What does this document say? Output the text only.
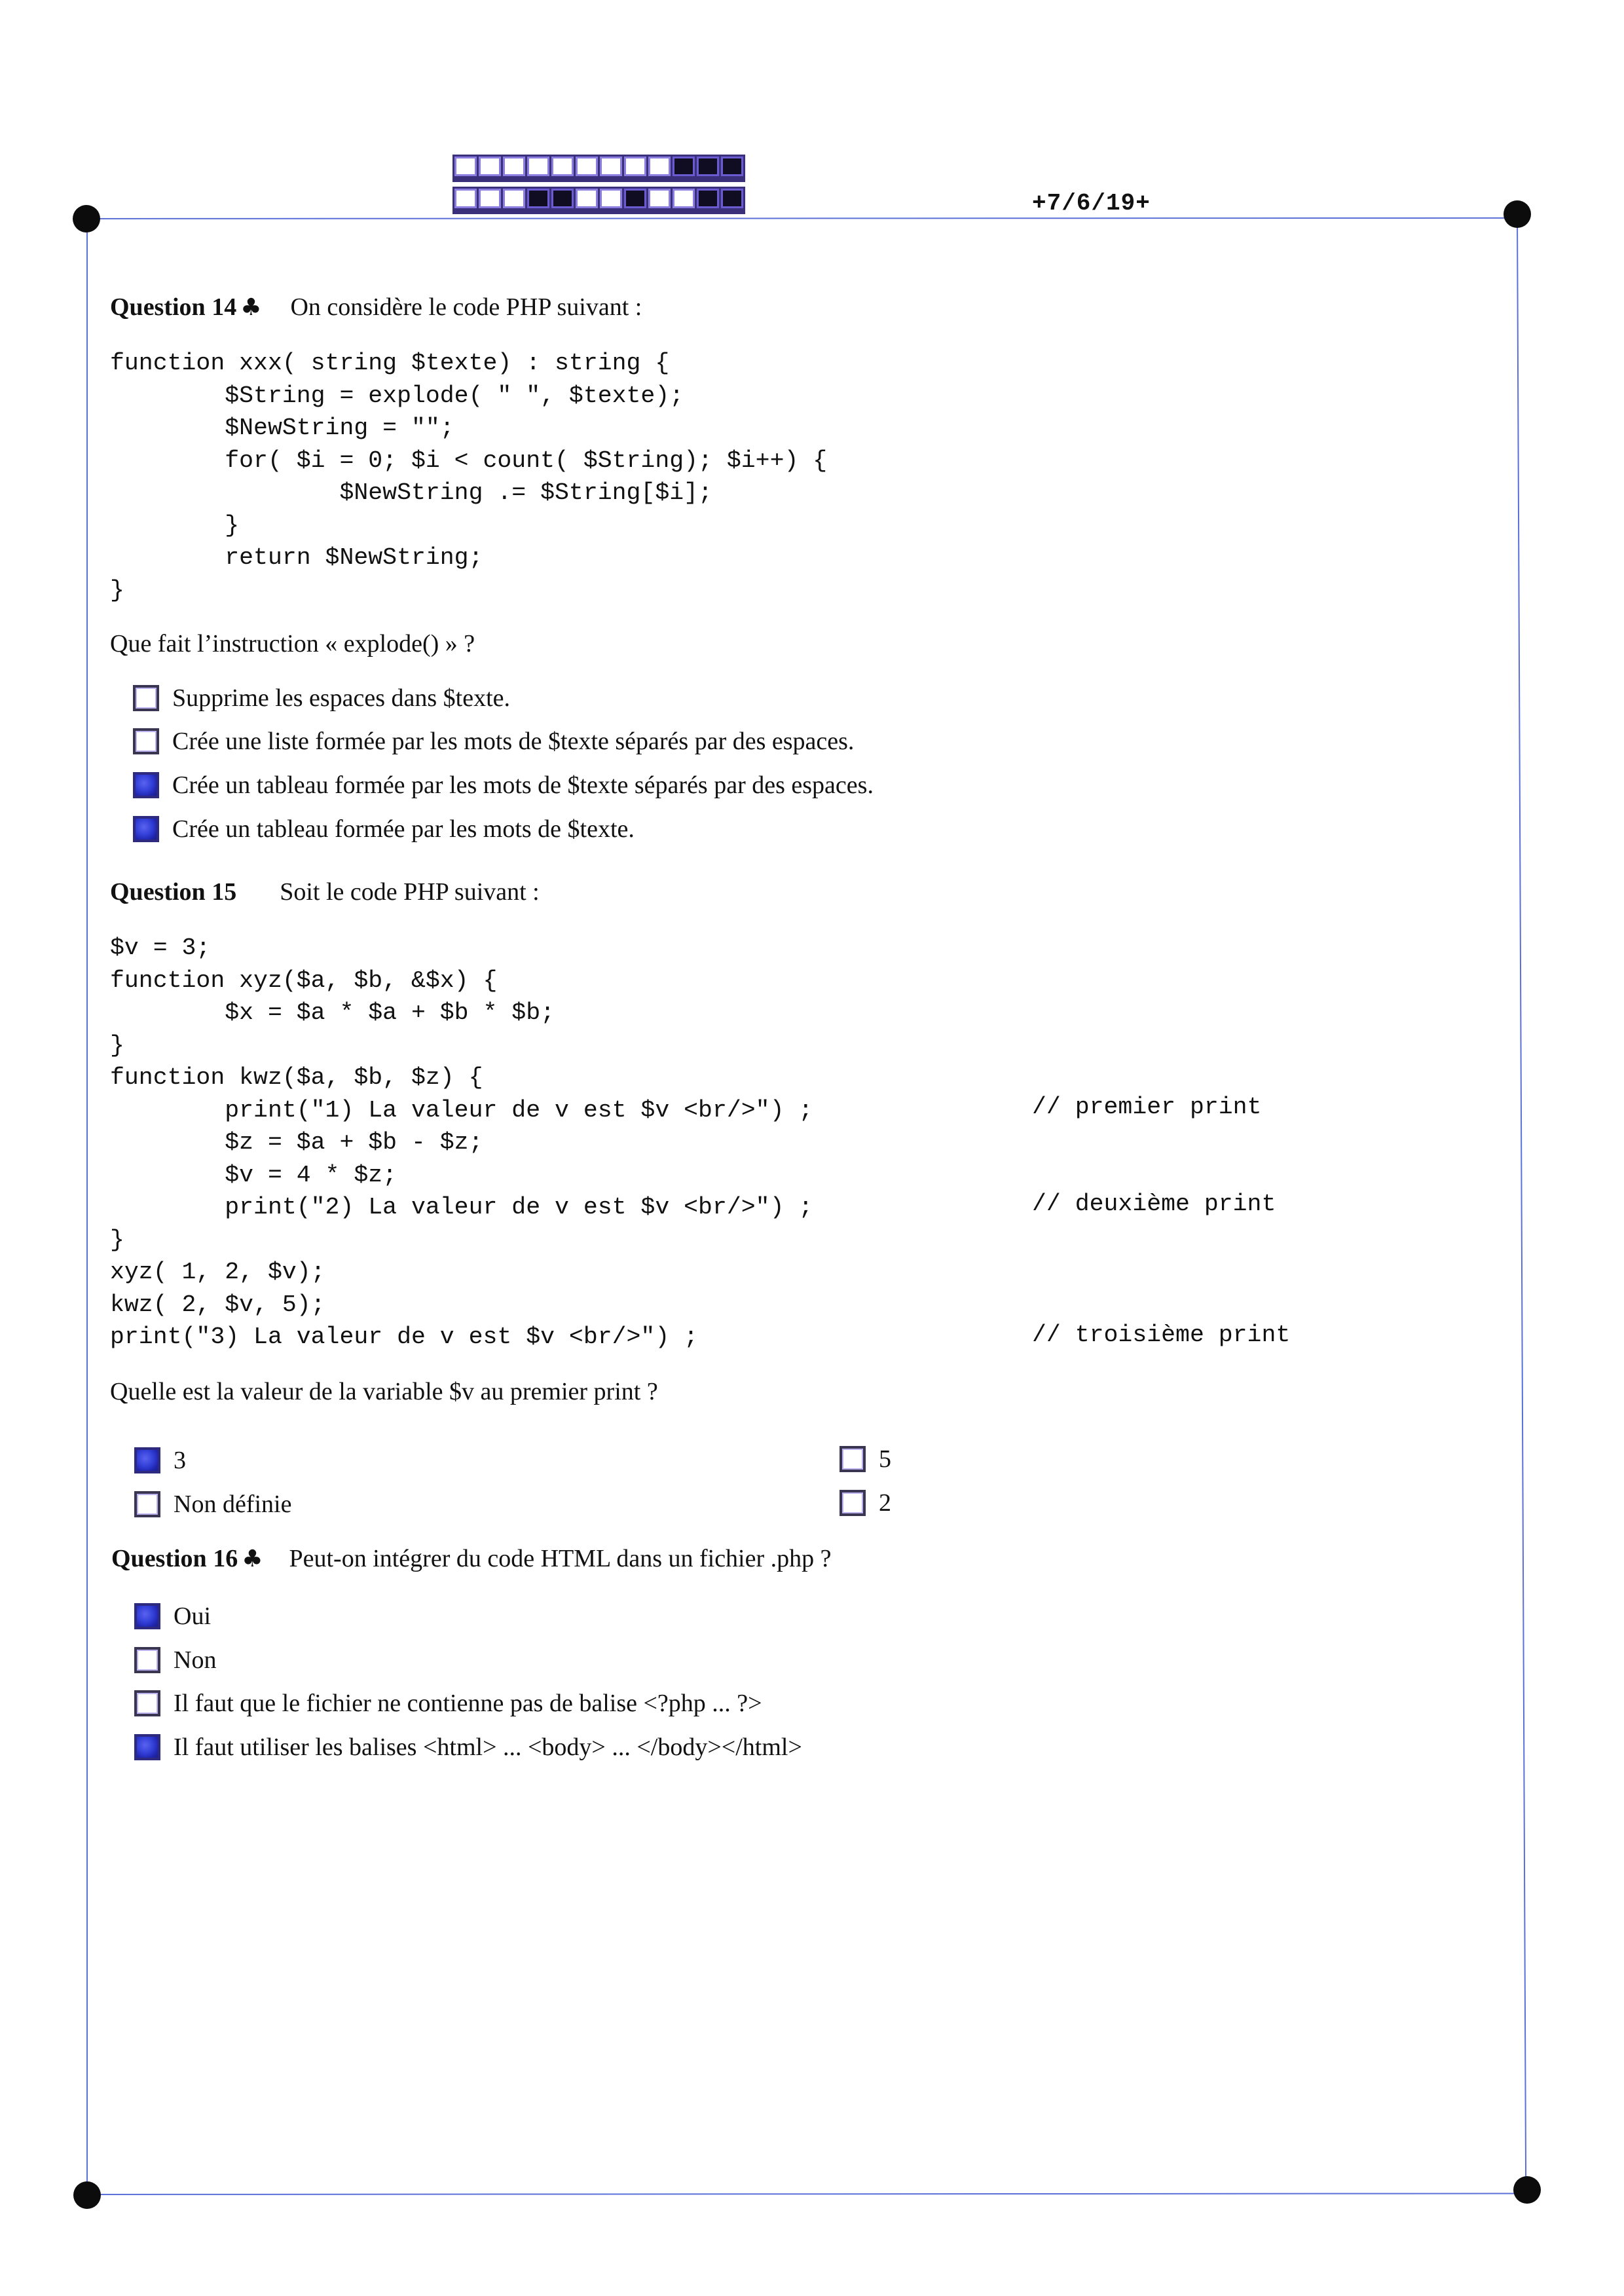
+7/6/19+
Question 14 ♣ On considère le code PHP suivant :
function xxx( string $texte) : string {
$String = explode( " ", $texte);
$NewString = "";
for( $i = 0; $i < count( $String); $i++) {
$NewString .= $String[$i];
}
return $NewString;
}
Que fait l’instruction « explode() » ?
Supprime les espaces dans $texte.
Crée une liste formée par les mots de $texte séparés par des espaces.
Crée un tableau formée par les mots de $texte séparés par des espaces.
Crée un tableau formée par les mots de $texte.
Question 15 Soit le code PHP suivant :
$v = 3;
function xyz($a, $b, &$x) {
$x = $a * $a + $b * $b;
}
function kwz($a, $b, $z) {
print("1) La valeur de v est $v <br/>") ;
$z = $a + $b - $z;
$v = 4 * $z;
print("2) La valeur de v est $v <br/>") ;
}
xyz( 1, 2, $v);
kwz( 2, $v, 5);
print("3) La valeur de v est $v <br/>") ;
// premier print
// deuxième print
// troisième print
Quelle est la valeur de la variable $v au premier print ?
3
Non définie
5
2
Question 16 ♣ Peut-on intégrer du code HTML dans un fichier .php ?
Oui
Non
Il faut que le fichier ne contienne pas de balise <?php ... ?>
Il faut utiliser les balises <html> ... <body> ... </body></html>
